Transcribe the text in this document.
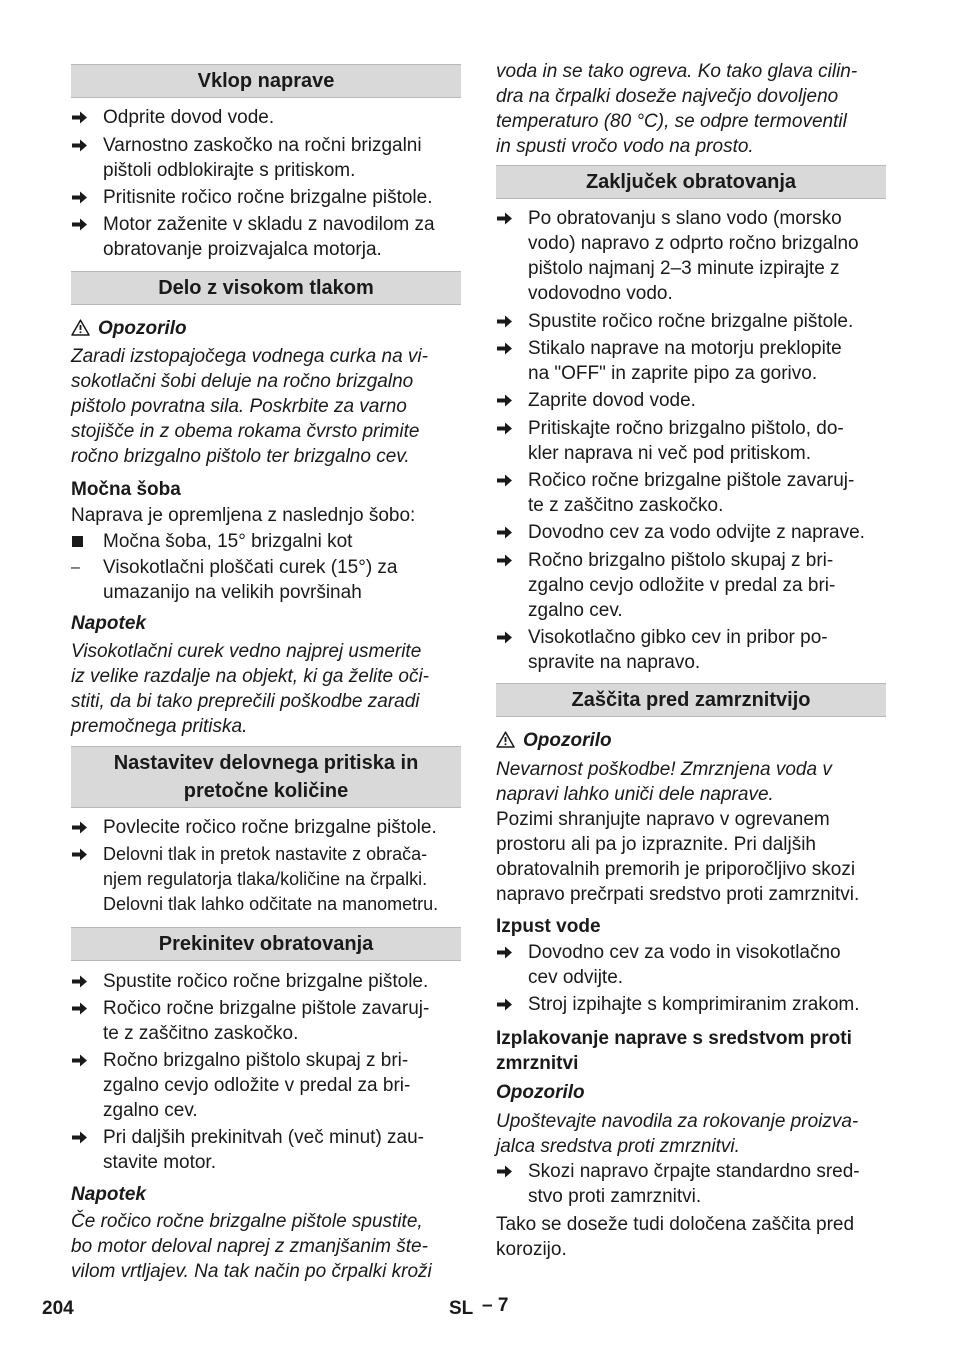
Vklop naprave
Odprite dovod vode.
Varnostno zaskočko na ročni brizgalni
pištoli odblokirajte s pritiskom.
Pritisnite ročico ročne brizgalne pištole.
Motor zaženite v skladu z navodilom za
obratovanje proizvajalca motorja.
Delo z visokom tlakom
Opozorilo
Zaradi izstopajočega vodnega curka na vi-
sokotlačni šobi deluje na ročno brizgalno
pištolo povratna sila. Poskrbite za varno
stojišče in z obema rokama čvrsto primite
ročno brizgalno pištolo ter brizgalno cev.
Močna šoba
Naprava je opremljena z naslednjo šobo:
Močna šoba, 15° brizgalni kot
–	Visokotlačni ploščati curek (15°) za
umazanijo na velikih površinah
Napotek
Visokotlačni curek vedno najprej usmerite
iz velike razdalje na objekt, ki ga želite oči-
stiti, da bi tako preprečili poškodbe zaradi
premočnega pritiska.
Nastavitev delovnega pritiska in
pretočne količine
Povlecite ročico ročne brizgalne pištole.
Delovni tlak in pretok nastavite z obrača-
njem regulatorja tlaka/količine na črpalki.
Delovni tlak lahko odčitate na manometru.
Prekinitev obratovanja
Spustite ročico ročne brizgalne pištole.
Ročico ročne brizgalne pištole zavaruj-
te z zaščitno zaskočko.
Ročno brizgalno pištolo skupaj z bri-
zgalno cevjo odložite v predal za bri-
zgalno cev.
Pri daljših prekinitvah (več minut) zau-
stavite motor.
Napotek
Če ročico ročne brizgalne pištole spustite,
bo motor deloval naprej z zmanjšanim šte-
vilom vrtljajev. Na tak način po črpalki kroži
voda in se tako ogreva. Ko tako glava cilin-
dra na črpalki doseže največjo dovoljeno
temperaturo (80 °C), se odpre termoventil
in spusti vročo vodo na prosto.
Zaključek obratovanja
Po obratovanju s slano vodo (morsko
vodo) napravo z odprto ročno brizgalno
pištolo najmanj 2–3 minute izpirajte z
vodovodno vodo.
Spustite ročico ročne brizgalne pištole.
Stikalo naprave na motorju preklopite
na "OFF" in zaprite pipo za gorivo.
Zaprite dovod vode.
Pritiskajte ročno brizgalno pištolo, do-
kler naprava ni več pod pritiskom.
Ročico ročne brizgalne pištole zavaruj-
te z zaščitno zaskočko.
Dovodno cev za vodo odvijte z naprave.
Ročno brizgalno pištolo skupaj z bri-
zgalno cevjo odložite v predal za bri-
zgalno cev.
Visokotlačno gibko cev in pribor po-
spravite na napravo.
Zaščita pred zamrznitvijo
Opozorilo
Nevarnost poškodbe! Zmrznjena voda v
napravi lahko uniči dele naprave.
Pozimi shranjujte napravo v ogrevanem
prostoru ali pa jo izpraznite. Pri daljših
obratovalnih premorih je priporočljivo skozi
napravo prečrpati sredstvo proti zamrznitvi.
Izpust vode
Dovodno cev za vodo in visokotlačno
cev odvijte.
Stroj izpihajte s komprimiranim zrakom.
Izplakovanje naprave s sredstvom proti
zmrznitvi
Opozorilo
Upoštevajte navodila za rokovanje proizva-
jalca sredstva proti zmrznitvi.
Skozi napravo črpajte standardno sred-
stvo proti zamrznitvi.
Tako se doseže tudi določena zaščita pred
korozijo.
204	SL – 7
